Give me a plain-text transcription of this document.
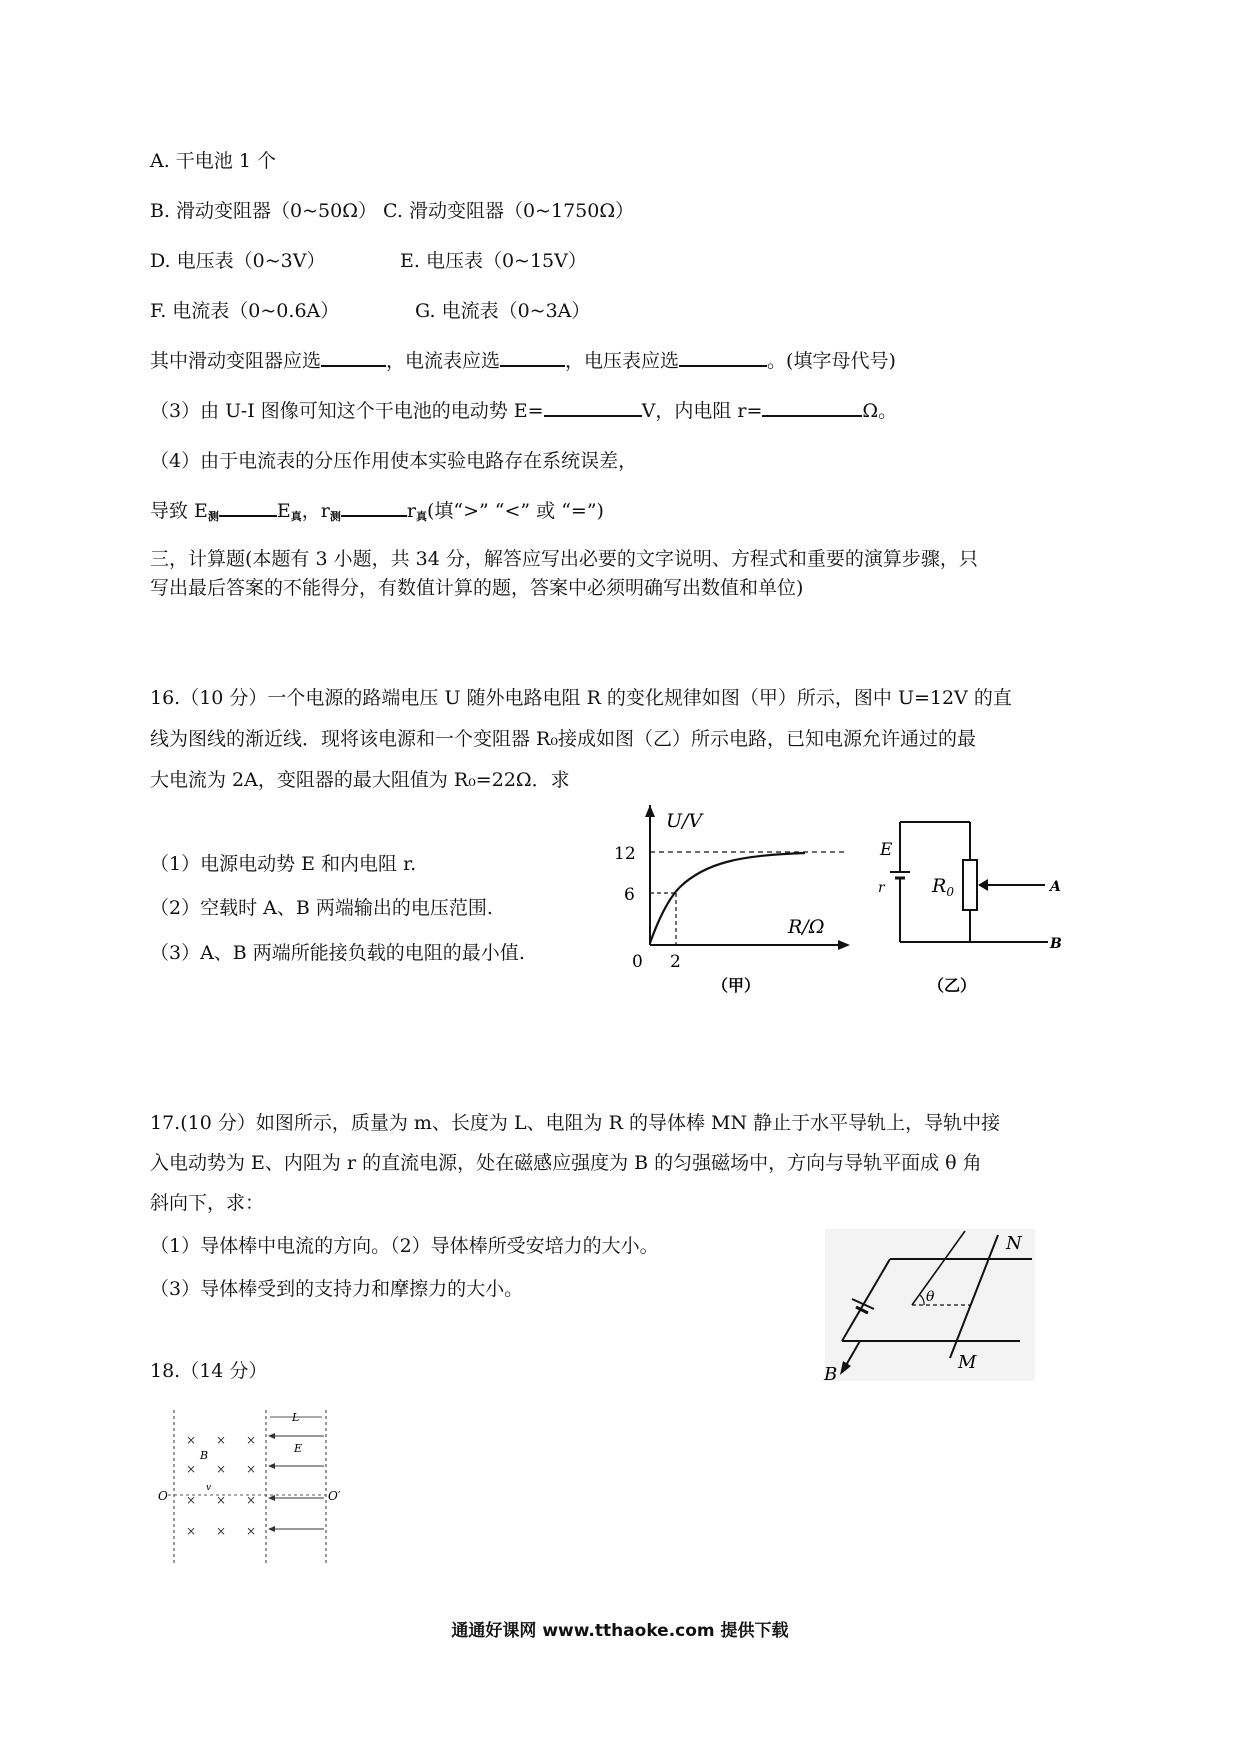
A. 干电池 1 个
B. 滑动变阻器（0~50Ω） C. 滑动变阻器（0~1750Ω）
D. 电压表（0~3V）	E. 电压表（0~15V）
F. 电流表（0~0.6A）	G. 电流表（0~3A）
其中滑动变阻器应选	，电流表应选	，电压表应选	。(填字母代号)
（3）由 U-I 图像可知这个干电池的电动势 E=	V，内电阻 r=	Ω。
（4）由于电流表的分压作用使本实验电路存在系统误差，
导致 $E_测$	$E_真$，$r_测$	$r_真$(填“>” “<” 或 “=”)
三，计算题(本题有 3 小题，共 34 分，解答应写出必要的文字说明、方程式和重要的演算步骤，只
写出最后答案的不能得分，有数值计算的题，答案中必须明确写出数值和单位)
16.（10 分）一个电源的路端电压 U 随外电路电阻 R 的变化规律如图（甲）所示，图中 U=12V 的直
线为图线的渐近线．现将该电源和一个变阻器 R₀接成如图（乙）所示电路，已知电源允许通过的最
大电流为 2A，变阻器的最大阻值为 R₀=22Ω．求
（1）电源电动势 E 和内电阻 r.
（2）空载时 A、B 两端输出的电压范围.
（3）A、B 两端所能接负载的电阻的最小值.
U/V
12
6
R/Ω
0 2
（甲）
E
r $R_0$	A
B
（乙）
17.(10 分）如图所示，质量为 m、长度为 L、电阻为 R 的导体棒 MN 静止于水平导轨上，导轨中接
入电动势为 E、内阻为 r 的直流电源，处在磁感应强度为 B 的匀强磁场中，方向与导轨平面成 θ 角
斜向下，求：
（1）导体棒中电流的方向。（2）导体棒所受安培力的大小。
（3）导体棒受到的支持力和摩擦力的大小。	θ
N
M
B
18.（14 分）
× × ×
× × ×
× × ×
× × ×
L
E
B
O	O′
v
通通好课网 www.tthaoke.com 提供下载
